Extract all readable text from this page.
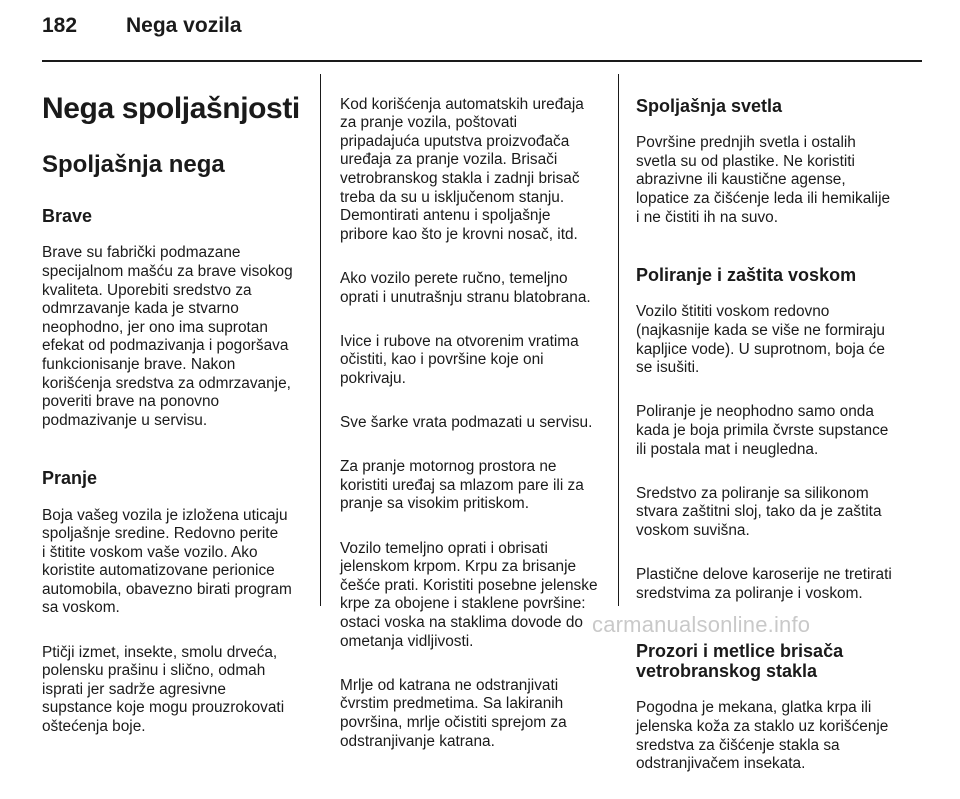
182	Nega vozila

Nega spoljašnjosti

Spoljašnja nega

Brave

Brave su fabrički podmazane
specijalnom mašću za brave visokog
kvaliteta. Uporebiti sredstvo za
odmrzavanje kada je stvarno
neophodno, jer ono ima suprotan
efekat od podmazivanja i pogoršava
funkcionisanje brave. Nakon
korišćenja sredstva za odmrzavanje,
poveriti brave na ponovno
podmazivanje u servisu.

Pranje

Boja vašeg vozila je izložena uticaju
spoljašnje sredine. Redovno perite
i štitite voskom vaše vozilo. Ako
koristite automatizovane perionice
automobila, obavezno birati program
sa voskom.

Ptičji izmet, insekte, smolu drveća,
polensku prašinu i slično, odmah
isprati jer sadrže agresivne
supstance koje mogu prouzrokovati
oštećenja boje.

Kod korišćenja automatskih uređaja
za pranje vozila, poštovati
pripadajuća uputstva proizvođača
uređaja za pranje vozila. Brisači
vetrobranskog stakla i zadnji brisač
treba da su u isključenom stanju.
Demontirati antenu i spoljašnje
pribore kao što je krovni nosač, itd.

Ako vozilo perete ručno, temeljno
oprati i unutrašnju stranu blatobrana.

Ivice i rubove na otvorenim vratima
očistiti, kao i površine koje oni
pokrivaju.

Sve šarke vrata podmazati u servisu.

Za pranje motornog prostora ne
koristiti uređaj sa mlazom pare ili za
pranje sa visokim pritiskom.

Vozilo temeljno oprati i obrisati
jelenskom krpom. Krpu za brisanje
češće prati. Koristiti posebne jelenske
krpe za obojene i staklene površine:
ostaci voska na staklima dovode do
ometanja vidljivosti.

Mrlje od katrana ne odstranjivati
čvrstim predmetima. Sa lakiranih
površina, mrlje očistiti sprejom za
odstranjivanje katrana.

Spoljašnja svetla

Površine prednjih svetla i ostalih
svetla su od plastike. Ne koristiti
abrazivne ili kaustične agense,
lopatice za čišćenje leda ili hemikalije
i ne čistiti ih na suvo.

Poliranje i zaštita voskom

Vozilo štititi voskom redovno
(najkasnije kada se više ne formiraju
kapljice vode). U suprotnom, boja će
se isušiti.

Poliranje je neophodno samo onda
kada je boja primila čvrste supstance
ili postala mat i neugledna.

Sredstvo za poliranje sa silikonom
stvara zaštitni sloj, tako da je zaštita
voskom suvišna.

Plastične delove karoserije ne tretirati
sredstvima za poliranje i voskom.

Prozori i metlice brisača
vetrobranskog stakla

Pogodna je mekana, glatka krpa ili
jelenska koža za staklo uz korišćenje
sredstva za čišćenje stakla sa
odstranjivačem insekata.

carmanualsonline.info
